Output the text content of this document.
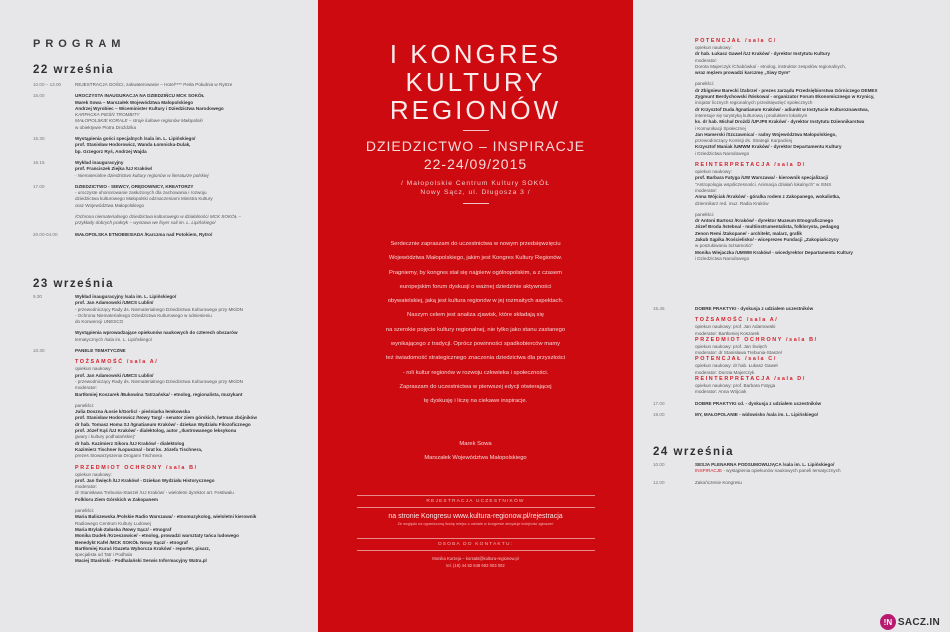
PROGRAM
22 września
10.00 – 13.00	REJESTRACJA GOŚCI, zakwaterowanie – Hotel**** Perła Południa w Rytrze
15.00	UROCZYSTA INAUGURACJA NA DZIEDZIŃCU MCK SOKÓŁ
Marek Sowa – Marszałek Województwa Małopolskiego
Andrzej Wyrobiec – Wiceminister Kultury i Dziedzictwa Narodowego
KARPACKA PIEŚŃ TROMBITY
MAŁOPOLSKIE KORALE – stroje ludowe regionów Małopolski
w obiektywie Piotra Droździka
15.30	Wystąpienia gości specjalnych /sala im. L. Lipińskiego/
prof. Stanisław Hodorowicz, Wanda Łomnicka-Dulak,
bp. Grzegorz Ryś, Andrzej Wajda
16.15	Wykład inauguracyjny
prof. Franciszek Ziejka /UJ Kraków/
- Niematerialne dziedzictwo kultury regionów w literaturze polskiej
17.00	DZIEDZICTWO - SIEWCY, ORĘDOWNICY, KREATORZY
- uroczyste uhonorowanie zasłużonych dla zachowania i rozwoju
dziedzictwa kulturowego Małopolski odznaczeniami Ministra Kultury
oraz Województwa Małopolskiego
/Ochrona niematerialnego dziedzictwa kulturowego w działalności MCK SOKÓŁ –
przykłady dobrych praktyk – wystawa we foyer sali im. L. Lipińskiego/
20.00-04.00	MAŁOPOLSKA ETNOBIESIADA /Karczma nad Potokiem, Rytro/
23 września
9.30	Wykład inauguracyjny /sala im. L. Lipińskiego/
prof. Jan Adamowski /UMCS Lublin/
- przewodniczący Rady ds. Niematerialnego Dziedzictwa Kulturowego przy MKiDN
- Ochrona Niematerialnego Dziedzictwa Kulturowego w odniesieniu
do Konwencji UNESCO
Wystąpienia wprowadzające opiekunów naukowych do czterech obszarów
tematycznych /sala im. L. Lipińskiego/
10.30	PANELE TEMATYCZNE
TOŻSAMOŚĆ /sala A/
opiekun naukowy:
prof. Jan Adamowski /UMCS Lublin/
- przewodniczący Rady ds. Niematerialnego Dziedzictwa Kulturowego przy MKiDN
moderator:
Bartłomiej Koszarek /Bukowina Tatrzańska/ - etnolog, regionalista, muzykant
paneliści:
Julia Doszna /Łosie k/Gorlic/ - pieśniarka łemkowska
prof. Stanisław Hodorowicz /Nowy Targ/ - senator ziem górskich, hetman zbójników
dr hab. Tomasz Homa SJ /Ignatianum Kraków/ - dziekan Wydziału Filozoficznego
prof. Józef Kąś /UJ Kraków/ - dialektolog, autor „Ilustrowanego leksykonu
gwary i kultury podhalańskiej”
dr hab. Kazimierz Sikora /UJ Kraków/ - dialektolog
Kazimierz Tischner /Łopuszna/ - brat ks. Józefa Tischnera,
prezes Stowarzyszenia Drogami Tischnera
PRZEDMIOT OCHRONY /sala B/
opiekun naukowy:
prof. Jan Święch /UJ Kraków/ - Dziekan Wydziału Historycznego
moderator:
dr Stanisława Trebunia-Staszel /UJ Kraków/ - wieloletni dyrektor art. Festiwalu
Folkloru Ziem Górskich w Zakopanem
paneliści:
Maria Baliszewska /Polskie Radio Warszawa/ - etnomuzykolog, wieloletni kierownik
Radiowego Centrum Kultury Ludowej
Maria Brylak-Załuska /Nowy Sącz/ - etnograf
Monika Dudek /Krzeszowice/ - etnolog, prowadzi warsztaty tańca ludowego
Benedykt Kafel /MCK SOKÓŁ Nowy Sącz/ - etnograf
Bartłomiej Kuraś /Gazeta Wyborcza Kraków/ - reporter, pisarz,
specjalista od Tatr i Podhala
Maciej Stasiński - Podhalański Serwis Informacyjny Watra.pl
I KONGRES
KULTURY
REGIONÓW
DZIEDZICTWO – INSPIRACJE
22-24/09/2015
/ Małopolskie Centrum Kultury SOKÓŁ
Nowy Sącz, ul. Długosza 3 /
Serdecznie zapraszam do uczestnictwa w nowym przedsięwzięciu
Województwa Małopolskiego, jakim jest Kongres Kultury Regionów.
Pragniemy, by kongres stał się najpierw ogólnopolskim, a z czasem
europejskim forum dyskusji o ważnej dziedzinie aktywności
obywatelskiej, jaką jest kultura regionów w jej rozmaitych aspektach.
Naszym celem jest analiza zjawisk, które składają się
na szerokie pojęcie kultury regionalnej, nie tylko jako stanu zastanego
wynikającego z tradycji. Oprócz powinności spadkobierców mamy
też świadomość strategicznego znaczenia dziedzictwa dla przyszłości
- roli kultur regionów w rozwoju człowieka i społeczności.
Zapraszam do uczestnictwa w pierwszej edycji otwierającej
tę dyskusję i liczę na ciekawe inspiracje.
Marek Sowa
Marszałek Województwa Małopolskiego
REJESTRACJA UCZESTNIKÓW
na stronie Kongresu www.kultura-regionow.pl/rejestracja
Ze względu na ograniczoną liczbę miejsc o udziale w kongresie decyduje kolejność zgłoszeń
OSOBA DO KONTAKTU:
Monika Kurzeja – kontakt@kultura-regionow.pl
tel. (18) 44 82 648 692 003 002
POTENCJAŁ /sala C/
opiekun naukowy:
dr hab. Łukasz Gaweł /UJ Kraków/ - dyrektor Instytutu Kultury
moderator:
Dorota Majerczyk /Chabówka/ - etnolog, instruktor zespołów regionalnych,
wraz mężem prowadzi karczmę „Siwy Dym”
paneliści:
dr Zbigniew Barecki /Zabrze/ - prezes zarządu Przedsiębiorstwa Górniczego DEMEX
Zygmunt Berdychowski /Niskowa/ - organizator Forum Ekonomicznego w Krynicy,
inicjator licznych regionalnych przedsięwzięć społecznych
dr Krzysztof Duda /Ignatianum Kraków/ - adiunkt w Instytucie Kulturoznawstwa,
interesuje się turystyką kulturową i produktem lokalnym
ks. dr hab. Michał Drożdż /UPJPII Kraków/ - dyrektor Instytutu Dziennikarstwa
i Komunikacji Społecznej
Jan Hamerski /Szczawnica/ - radny Województwa Małopolskiego,
przewodniczący Komisji ds. Strategii Karpackiej
Krzysztof Maniak /UMWM Kraków/ - dyrektor Departamentu Kultury
i Dziedzictwa Narodowego
REINTERPRETACJA /sala D/
opiekun naukowy:
prof. Barbara Fatyga /UW Warszawa/ - kierownik specjalizacji
"Antropologia współczesności. Animacja działań lokalnych" w ISNS
moderator:
Anna Wójciak /Kraków/ - góralka rodem z Zakopanego, wokalistka,
dziennikarz red. muz. Radia Kraków
paneliści:
dr Antoni Bartosz /Kraków/ - dyrektor Muzeum Etnograficznego
Józef Broda /Istebna/ - multiinstrumentalista, folklorysta, pedagog
Zenon Remi /Zakopane/ - architekt, malarz, grafik
Jakub Sąpika /Kościelisko/ - wiceprezes Fundacji „Zakopiańczycy
w poszukiwaniu tożsamości”
Monika Wiejaczka /UMWM Kraków/ - wicedyrektor Departamentu Kultury
i Dziedzictwa Narodowego
15.45	DOBRE PRAKTYKI - dyskusja z udziałem uczestników
TOŻSAMOŚĆ /sala A/
opiekun naukowy: prof. Jan Adamowski
moderator: Bartłomiej Koszarek
PRZEDMIOT OCHRONY /sala B/
opiekun naukowy: prof. Jan Święch
moderator: dr Stanisława Trebunia-Staszel
POTENCJAŁ /sala C/
opiekun naukowy: dr hab. Łukasz Gaweł
moderator: Dorota Majerczyk
REINTERPRETACJA /sala D/
opiekun naukowy: prof. Barbara Fatyga
moderator: Anna Wójciak
17.00	DOBRE PRAKTYKI cd. - dyskusja z udziałem uczestników
19.00	MY, MAŁOPOLANIE - widowisko /sala im. L. Lipińskiego/
24 września
10.00	SESJA PLENARNA PODSUMOWUJĄCA /sala im. L. Lipińskiego/
INSPIRACJE - wystąpienia opiekunów naukowych paneli tematycznych
12.00	Zakończenie Kongresu
!N SACZ.IN
